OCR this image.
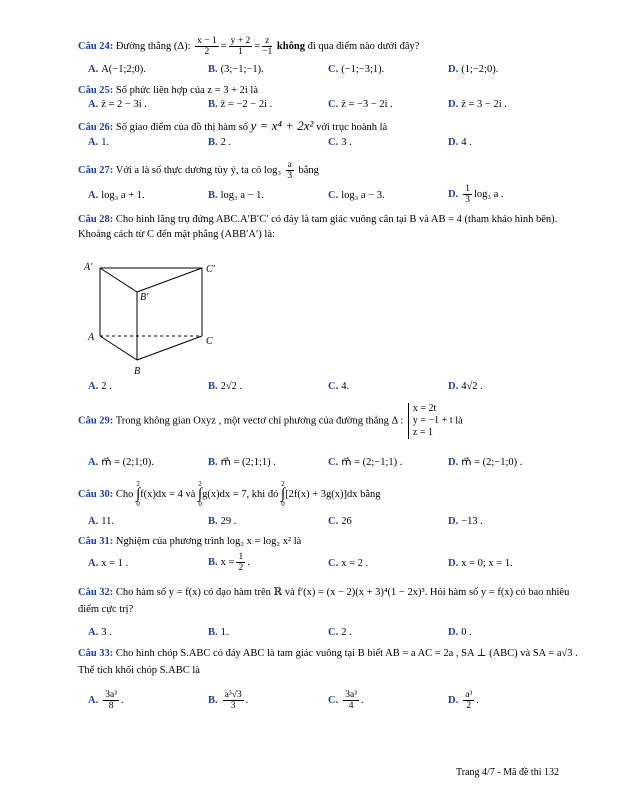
Câu 24: Đường thẳng (Δ): $\frac{x - 1}{2} = \frac{y + 2}{1} = \frac{z}{-1}$ không đi qua điểm nào dưới đây?
A. A(−1;2;0).	B. (3;−1;−1).	C. (−1;−3;1).	D. (1;−2;0).
Câu 25: Số phức liên hợp của z = 3 + 2i là
A. z̄ = 2 − 3i .	B. z̄ = −2 − 2i .	C. z̄ = −3 − 2i .	D. z̄ = 3 − 2i .
Câu 26: Số giao điểm của đồ thị hàm số y = x⁴ + 2x² với trục hoành là
A. 1.	B. 2 .	C. 3 .	D. 4 .
Câu 27: Với a là số thực dương tùy ý, ta có $\log_3 \frac{a}{3}$ bằng
A. log₃ a + 1.	B. log₃ a − 1.	C. log₃ a − 3.	D. $\frac{1}{3} \log_3$ a .
Câu 28: Cho hình lăng trụ đứng ABC.A′B′C′ có đáy là tam giác vuông cân tại B và AB = 4 (tham khảo hình bên). Khoảng cách từ C đến mặt phẳng (ABB′A′) là:
A′	C′
B′
A	C
B
A. 2 .	B. 2√2 .	C. 4.	D. 4√2 .
Câu 29: Trong không gian Oxyz , một vectơ chỉ phương của đường thẳng Δ :
x = 2t
y = −1 + t
z = 1
là
A. m⃗ = (2;1;0).	B. m⃗ = (2;1;1) .	C. m⃗ = (2;−1;1) .	D. m⃗ = (2;−1;0) .
Câu 30: Cho
2
∫
0
f(x)dx = 4 và
2
∫
0
g(x)dx = 7, khi đó
2
∫
0
[2f(x) + 3g(x)]dx bằng
A. 11.	B. 29 .	C. 26	D. −13 .
Câu 31: Nghiệm của phương trình log₂ x = log₂ x² là
A. x = 1 .	B. $x = \frac{1}{2}$ .	C. x = 2 .	D. x = 0; x = 1.
Câu 32: Cho hàm số y = f(x) có đạo hàm trên ℝ và f′(x) = (x − 2)(x + 3)⁴(1 − 2x)³. Hỏi hàm số y = f(x) có bao nhiêu điểm cực trị?
A. 3 .	B. 1.	C. 2 .	D. 0 .
Câu 33: Cho hình chóp S.ABC có đáy ABC là tam giác vuông tại B biết AB = a AC = 2a , SA ⊥ (ABC) và SA = a√3 . Thể tích khối chóp S.ABC là
A. $\frac{\text{3a³}}{8}$ .	B. $\frac{\text{a³√3}}{3}$ .	C. $\frac{\text{3a³}}{4}$ .	D. $\frac{\text{a³}}{2}$ .
Trang 4/7 - Mã đề thi 132
